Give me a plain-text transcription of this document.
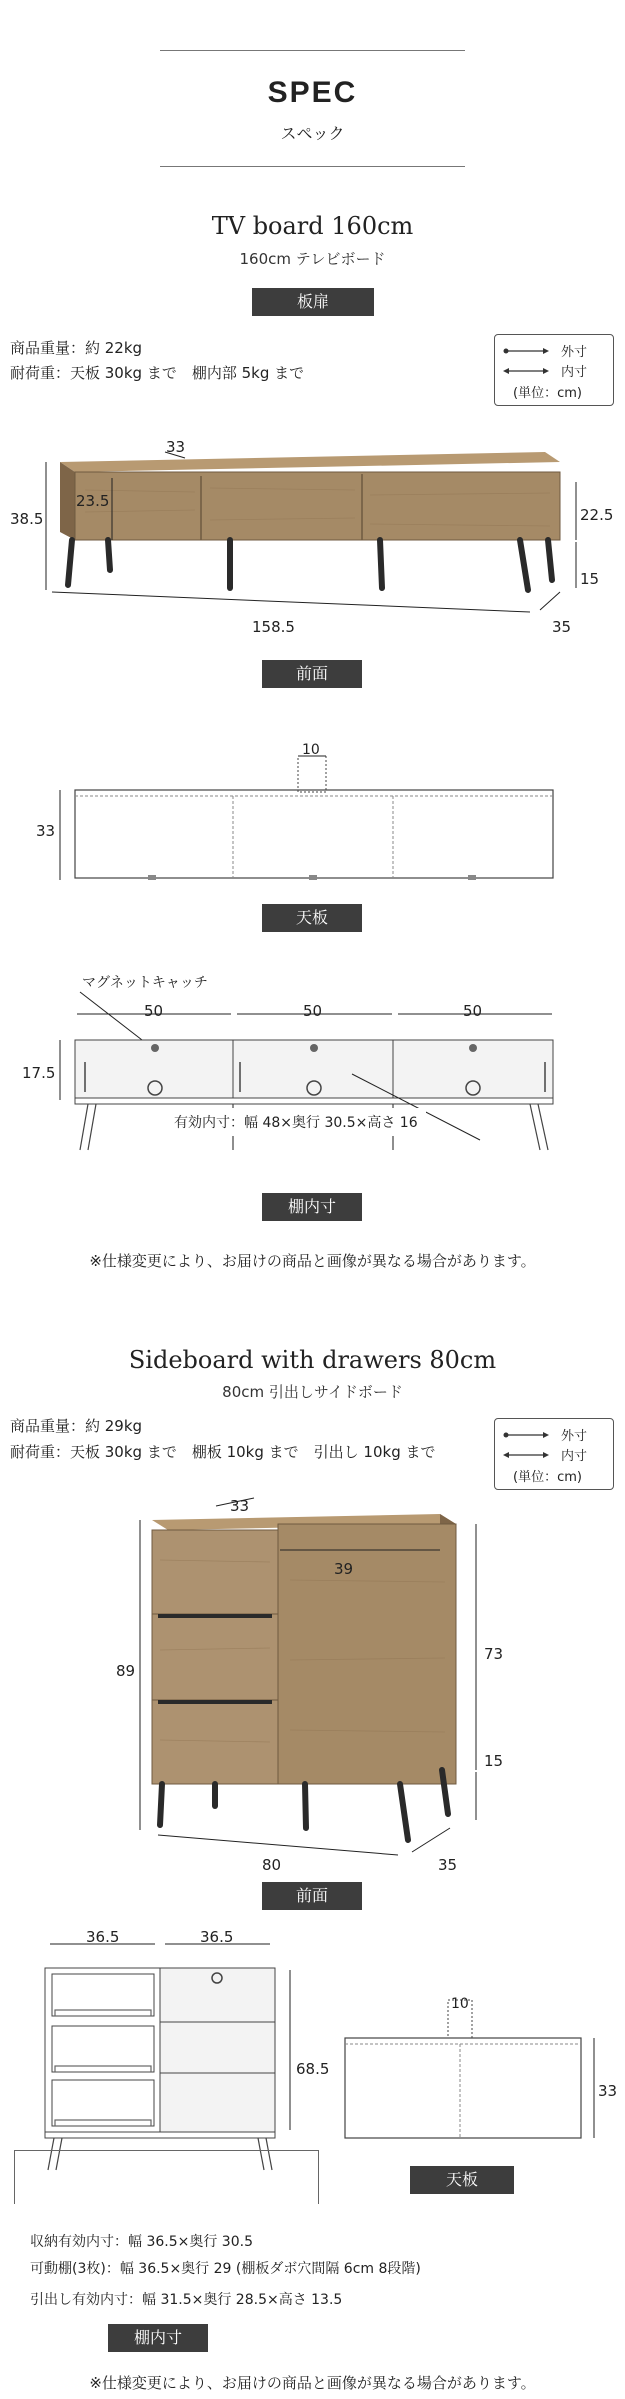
SPEC
スペック
TV board 160cm
160cm テレビボード
板扉
商品重量：約 22kg
耐荷重：天板 30kg まで　棚内部 5kg まで
外寸
内寸
(単位：cm)
38.5
23.5
33
22.5
15
158.5	35
前面
10
33
天板
マグネットキャッチ
50	50	50
17.5
有効内寸：幅 48×奥行 30.5×高さ 16
棚内寸
※仕様変更により、お届けの商品と画像が異なる場合があります。
Sideboard with drawers 80cm
80cm 引出しサイドボード
商品重量：約 29kg
耐荷重：天板 30kg まで　棚板 10kg まで　引出し 10kg まで
外寸
内寸
(単位：cm)
89
33
39
73
15
80	35
前面
36.5	36.5
68.5
10
33
天板
収納有効内寸：幅 36.5×奥行 30.5
可動棚(3枚)：幅 36.5×奥行 29 (棚板ダボ穴間隔 6cm 8段階)
引出し有効内寸：幅 31.5×奥行 28.5×高さ 13.5
棚内寸
※仕様変更により、お届けの商品と画像が異なる場合があります。
